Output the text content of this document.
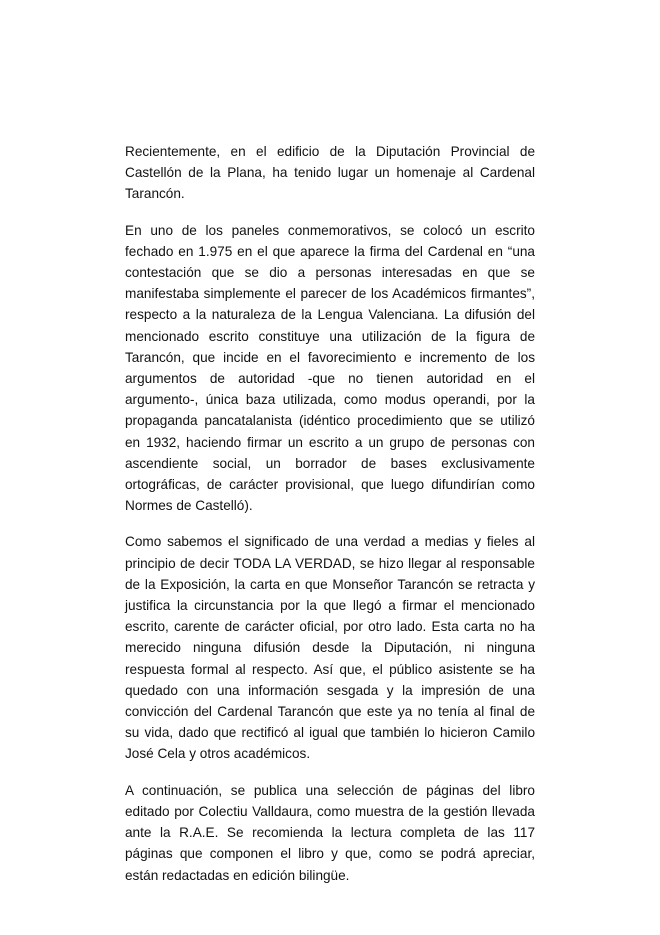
Recientemente, en el edificio de la Diputación Provincial de Castellón de la Plana, ha tenido lugar un homenaje al Cardenal Tarancón.

En uno de los paneles conmemorativos, se colocó un escrito fechado en 1.975 en el que aparece la firma del Cardenal en “una contestación que se dio a personas interesadas en que se manifestaba simplemente el parecer de los Académicos firmantes”, respecto a la naturaleza de la Lengua Valenciana. La difusión del mencionado escrito constituye una utilización de la figura de Tarancón, que incide en el favorecimiento e incremento de los argumentos de autoridad -que no tienen autoridad en el argumento-, única baza utilizada, como modus operandi, por la propaganda pancatalanista (idéntico procedimiento que se utilizó en 1932, haciendo firmar un escrito a un grupo de personas con ascendiente social, un borrador de bases exclusivamente ortográficas, de carácter provisional, que luego difundirían como Normes de Castelló).

Como sabemos el significado de una verdad a medias y fieles al principio de decir TODA LA VERDAD, se hizo llegar al responsable de la Exposición, la carta en que Monseñor Tarancón se retracta y justifica la circunstancia por la que llegó a firmar el mencionado escrito, carente de carácter oficial, por otro lado. Esta carta no ha merecido ninguna difusión desde la Diputación, ni ninguna respuesta formal al respecto. Así que, el público asistente se ha quedado con una información sesgada y la impresión de una convicción del Cardenal Tarancón que este ya no tenía al final de su vida, dado que rectificó al igual que también lo hicieron Camilo José Cela y otros académicos.

A continuación, se publica una selección de páginas del libro editado por Colectiu Valldaura, como muestra de la gestión llevada ante la R.A.E. Se recomienda la lectura completa de las 117 páginas que componen el libro y que, como se podrá apreciar, están redactadas en edición bilingüe.
